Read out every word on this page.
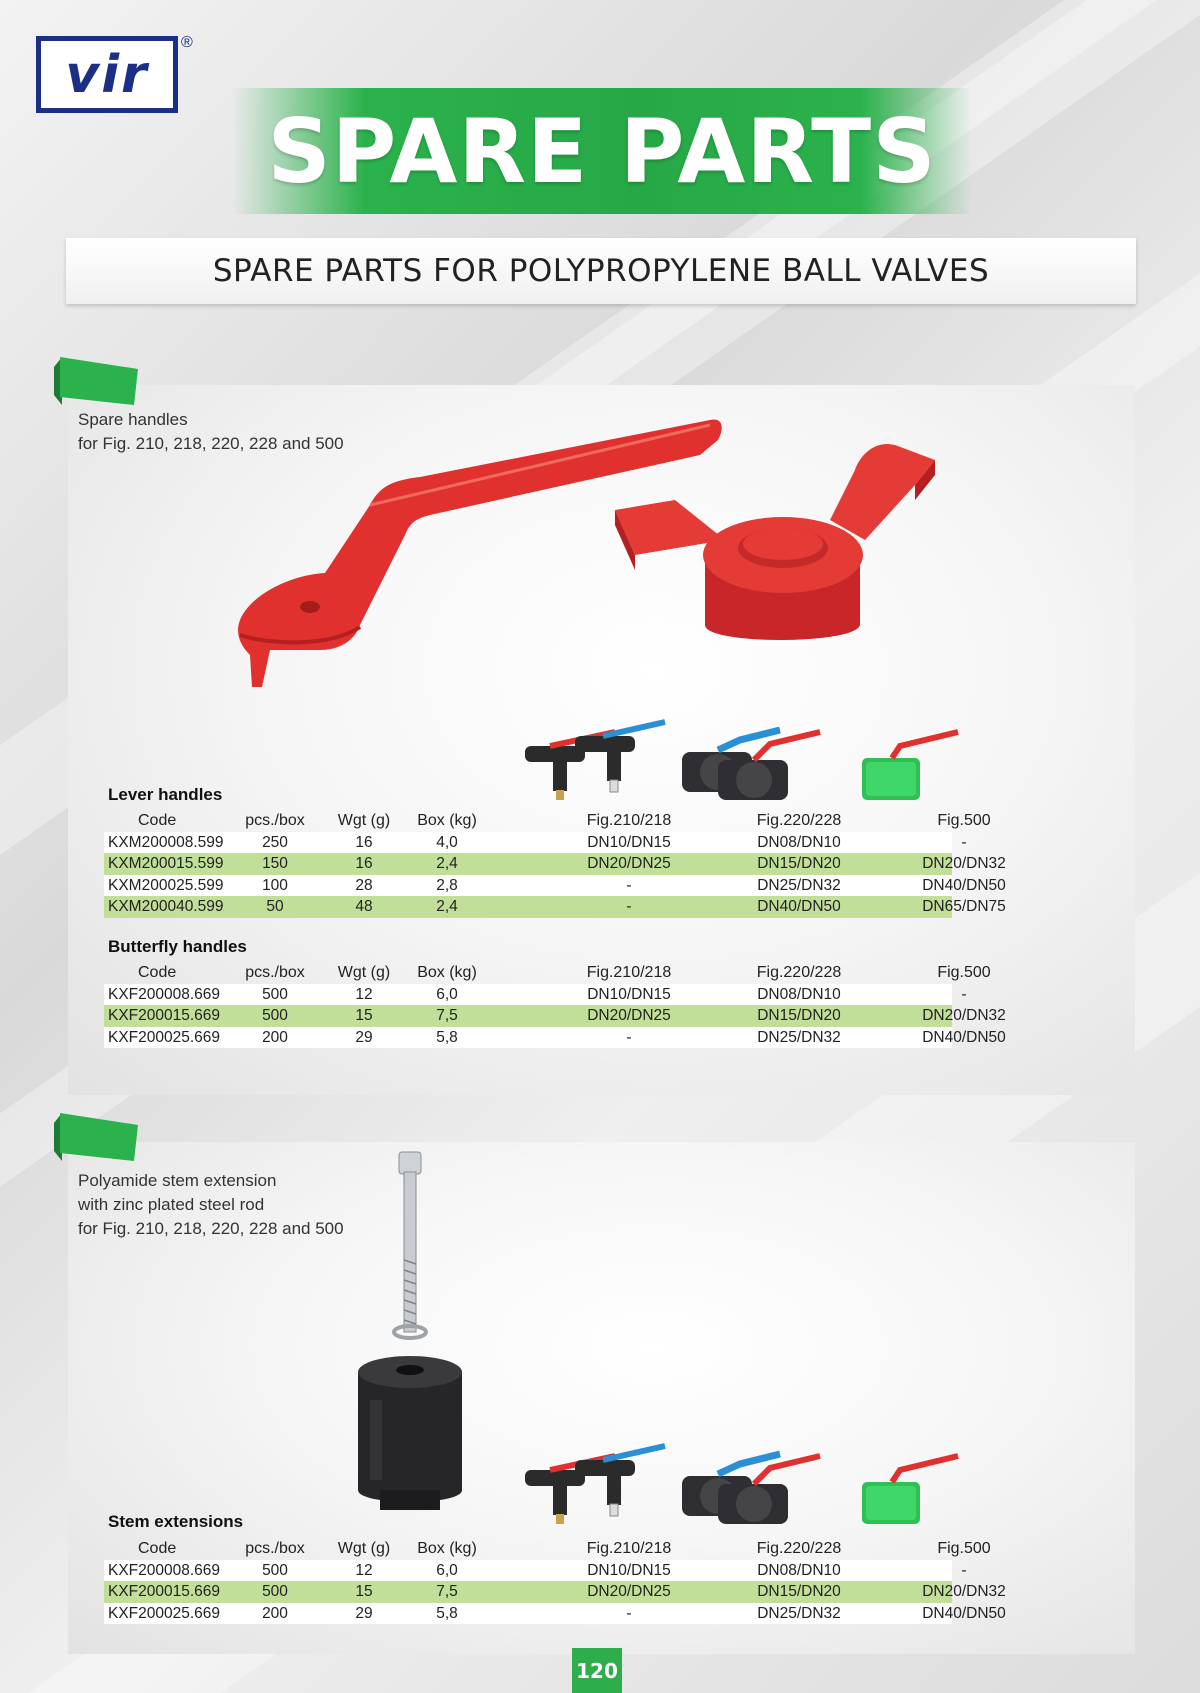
vir
®
SPARE PARTS
SPARE PARTS FOR POLYPROPYLENE BALL VALVES
Spare handles
for Fig. 210, 218, 220, 228 and 500
Lever handles
Code	pcs./box	Wgt (g)	Box (kg)	Fig.210/218	Fig.220/228	Fig.500
KXM200008.599	250	16	4,0	DN10/DN15	DN08/DN10	-
KXM200015.599	150	16	2,4	DN20/DN25	DN15/DN20	DN20/DN32
KXM200025.599	100	28	2,8	-	DN25/DN32	DN40/DN50
KXM200040.599	50	48	2,4	-	DN40/DN50	DN65/DN75
Butterfly handles
Code	pcs./box	Wgt (g)	Box (kg)	Fig.210/218	Fig.220/228	Fig.500
KXF200008.669	500	12	6,0	DN10/DN15	DN08/DN10	-
KXF200015.669	500	15	7,5	DN20/DN25	DN15/DN20	DN20/DN32
KXF200025.669	200	29	5,8	-	DN25/DN32	DN40/DN50
Polyamide stem extension
with zinc plated steel rod
for Fig. 210, 218, 220, 228 and 500
Stem extensions
Code	pcs./box	Wgt (g)	Box (kg)	Fig.210/218	Fig.220/228	Fig.500
KXF200008.669	500	12	6,0	DN10/DN15	DN08/DN10	-
KXF200015.669	500	15	7,5	DN20/DN25	DN15/DN20	DN20/DN32
KXF200025.669	200	29	5,8	-	DN25/DN32	DN40/DN50
120
